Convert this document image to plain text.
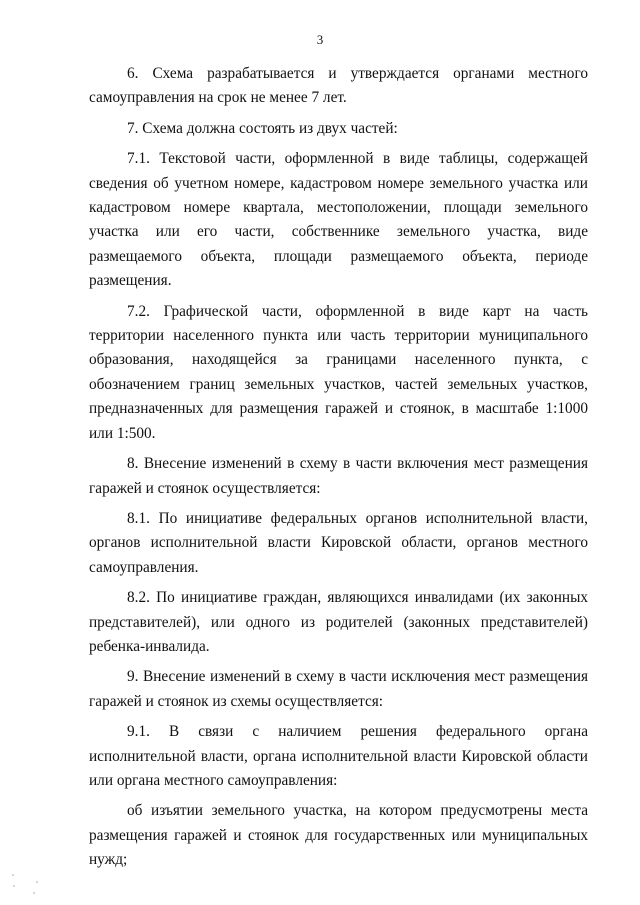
3

6. Схема разрабатывается и утверждается органами местного самоуправления на срок не менее 7 лет.

7. Схема должна состоять из двух частей:

7.1. Текстовой части, оформленной в виде таблицы, содержащей сведения об учетном номере, кадастровом номере земельного участка или кадастровом номере квартала, местоположении, площади земельного участка или его части, собственнике земельного участка, виде размещаемого объекта, площади размещаемого объекта, периоде размещения.

7.2. Графической части, оформленной в виде карт на часть территории населенного пункта или часть территории муниципального образования, находящейся за границами населенного пункта, с обозначением границ земельных участков, частей земельных участков, предназначенных для размещения гаражей и стоянок, в масштабе 1:1000 или 1:500.

8. Внесение изменений в схему в части включения мест размещения гаражей и стоянок осуществляется:

8.1. По инициативе федеральных органов исполнительной власти, органов исполнительной власти Кировской области, органов местного самоуправления.

8.2. По инициативе граждан, являющихся инвалидами (их законных представителей), или одного из родителей (законных представителей) ребенка-инвалида.

9. Внесение изменений в схему в части исключения мест размещения гаражей и стоянок из схемы осуществляется:

9.1. В связи с наличием решения федерального органа исполнительной власти, органа исполнительной власти Кировской области или органа местного самоуправления:

об изъятии земельного участка, на котором предусмотрены места размещения гаражей и стоянок для государственных или муниципальных нужд;
